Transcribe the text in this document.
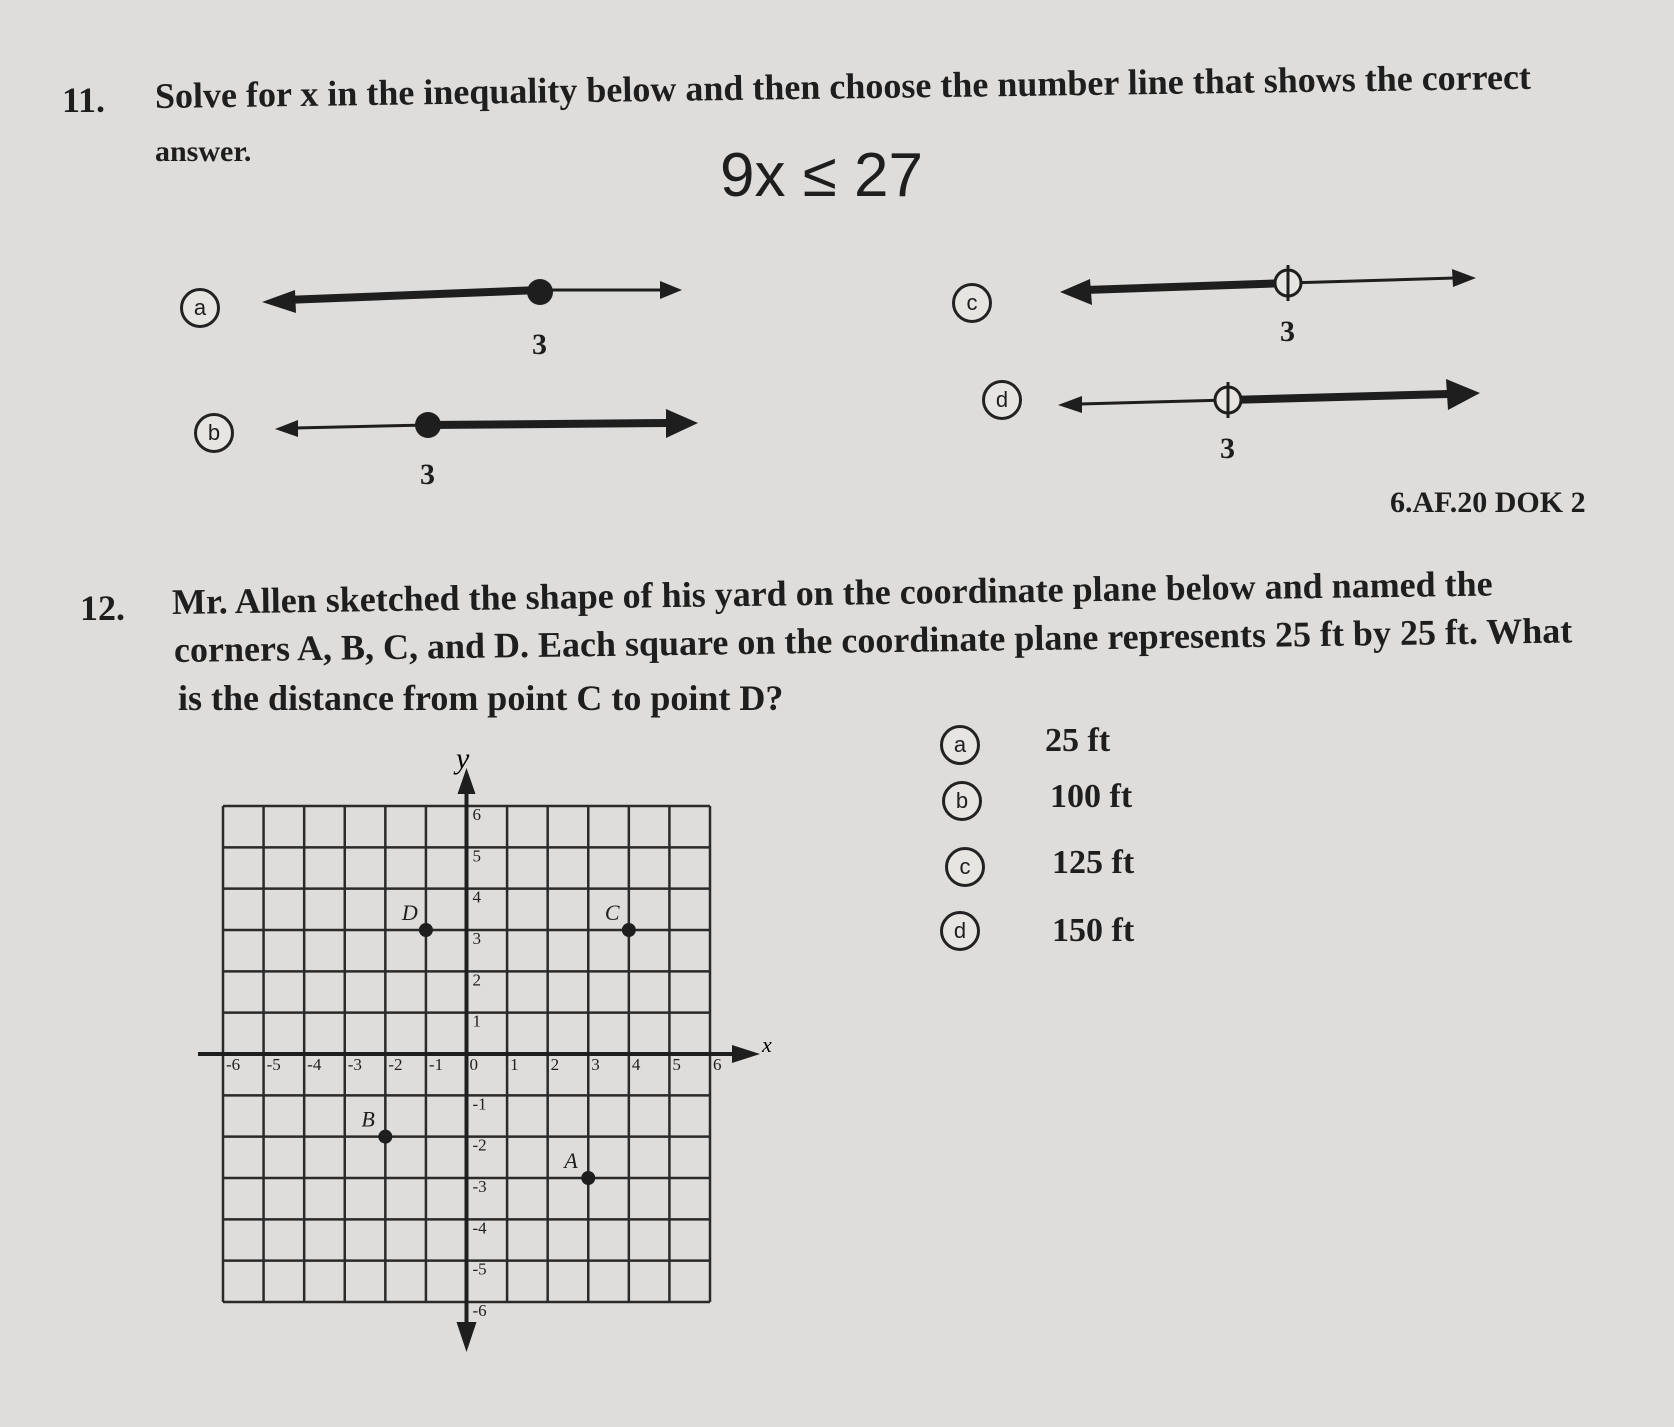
11. Solve for x in the inequality below and then choose the number line that shows the correct
answer.	9x ≤ 27
a
b
c
d
3
3
3
3
6.AF.20 DOK 2
12. Mr. Allen sketched the shape of his yard on the coordinate plane below and named the
corners A, B, C, and D. Each square on the coordinate plane represents 25 ft by 25 ft. What
is the distance from point C to point D?
a	25 ft
b	100 ft
c	125 ft
d	150 ft
-6 -5 -4 -3 -2 -1 0 1 2 3 4 5 6
6
5
4
3
2
1
-1
-2
-3
-4
-5
-6
D	C
B
A
x
y
